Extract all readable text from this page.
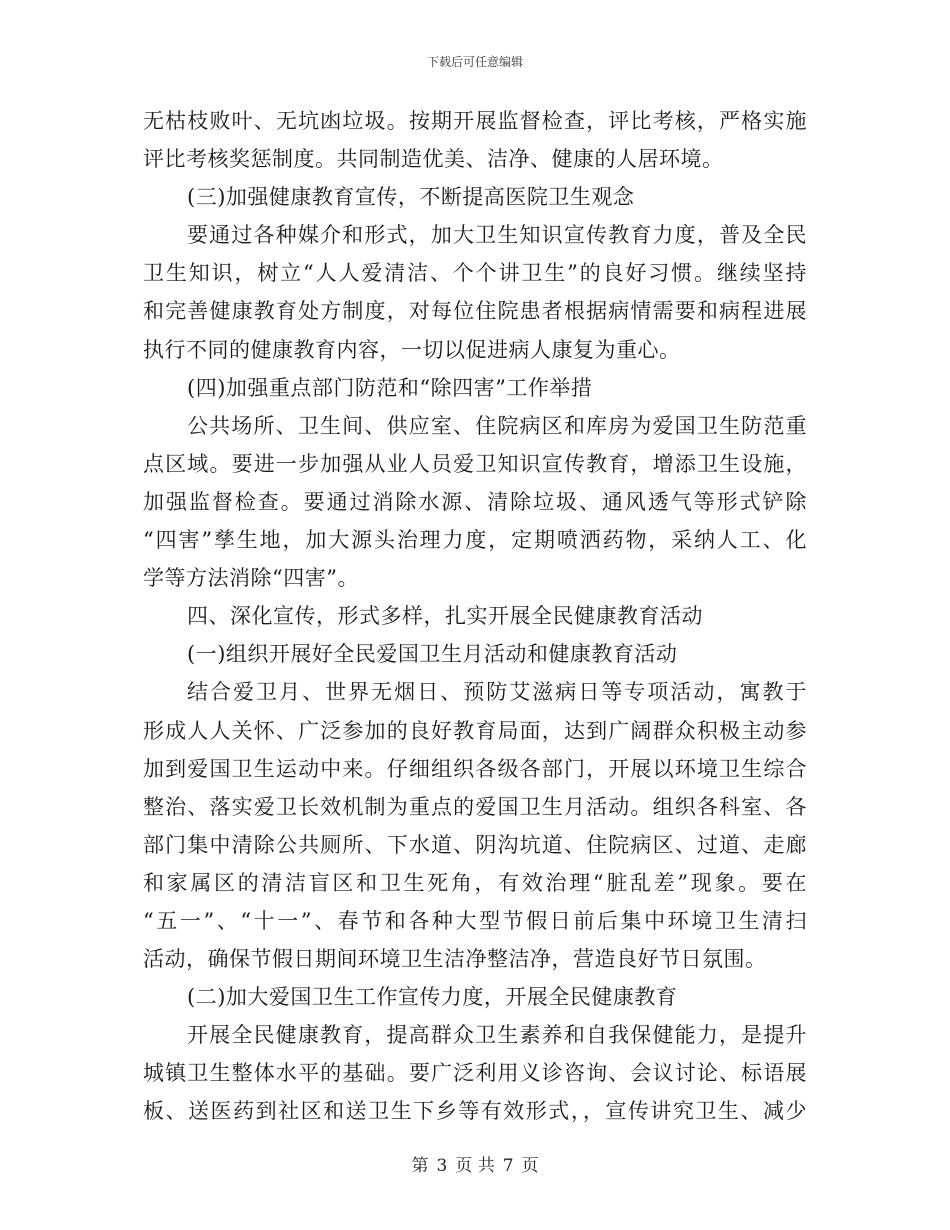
下载后可任意编辑
无枯枝败叶、无坑凼垃圾。按期开展监督检查，评比考核，严格实施
评比考核奖惩制度。共同制造优美、洁净、健康的人居环境。
(三)加强健康教育宣传，不断提高医院卫生观念
要通过各种媒介和形式，加大卫生知识宣传教育力度，普及全民
卫生知识，树立“人人爱清洁、个个讲卫生”的良好习惯。继续坚持
和完善健康教育处方制度，对每位住院患者根据病情需要和病程进展
执行不同的健康教育内容，一切以促进病人康复为重心。
(四)加强重点部门防范和“除四害”工作举措
公共场所、卫生间、供应室、住院病区和库房为爱国卫生防范重
点区域。要进一步加强从业人员爱卫知识宣传教育，增添卫生设施，
加强监督检查。要通过消除水源、清除垃圾、通风透气等形式铲除
“四害”孳生地，加大源头治理力度，定期喷洒药物，采纳人工、化
学等方法消除“四害”。
四、深化宣传，形式多样，扎实开展全民健康教育活动
(一)组织开展好全民爱国卫生月活动和健康教育活动
结合爱卫月、世界无烟日、预防艾滋病日等专项活动，寓教于
形成人人关怀、广泛参加的良好教育局面，达到广阔群众积极主动参
加到爱国卫生运动中来。仔细组织各级各部门，开展以环境卫生综合
整治、落实爱卫长效机制为重点的爱国卫生月活动。组织各科室、各
部门集中清除公共厕所、下水道、阴沟坑道、住院病区、过道、走廊
和家属区的清洁盲区和卫生死角，有效治理“脏乱差”现象。要在
“五一”、“十一”、春节和各种大型节假日前后集中环境卫生清扫
活动，确保节假日期间环境卫生洁净整洁净，营造良好节日氛围。
(二)加大爱国卫生工作宣传力度，开展全民健康教育
开展全民健康教育，提高群众卫生素养和自我保健能力，是提升
城镇卫生整体水平的基础。要广泛利用义诊咨询、会议讨论、标语展
板、送医药到社区和送卫生下乡等有效形式，，宣传讲究卫生、减少
第 3 页 共 7 页
